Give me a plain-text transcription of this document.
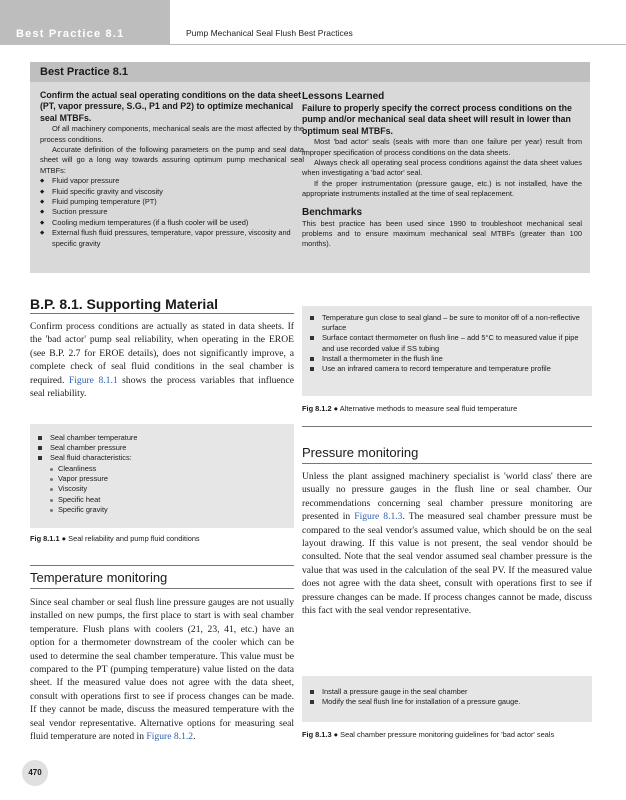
Best Practice 8.1	Pump Mechanical Seal Flush Best Practices
Best Practice 8.1

Confirm the actual seal operating conditions on the data sheet (PT, vapor pressure, S.G., P1 and P2) to optimize mechanical seal MTBFs.

Of all machinery components, mechanical seals are the most affected by the process conditions.

Accurate definition of the following parameters on the pump and seal data sheet will go a long way towards assuring optimum pump mechanical seal MTBFs:

◆ Fluid vapor pressure
◆ Fluid specific gravity and viscosity
◆ Fluid pumping temperature (PT)
◆ Suction pressure
◆ Cooling medium temperatures (if a flush cooler will be used)
◆ External flush fluid pressures, temperature, vapor pressure, viscosity and specific gravity

Lessons Learned

Failure to properly specify the correct process conditions on the pump and/or mechanical seal data sheet will result in lower than optimum seal MTBFs.

Most 'bad actor' seals (seals with more than one failure per year) result from improper specification of process conditions on the data sheets.

Always check all operating seal process conditions against the data sheet values when investigating a 'bad actor' seal.

If the proper instrumentation (pressure gauge, etc.) is not installed, have the appropriate instruments installed at the time of seal replacement.

Benchmarks

This best practice has been used since 1990 to troubleshoot mechanical seal problems and to ensure maximum mechanical seal MTBFs (greater than 100 months).

B.P. 8.1. Supporting Material

Confirm process conditions are actually as stated in data sheets. If the 'bad actor' pump seal reliability, when operating in the EROE (see B.P. 2.7 for EROE details), does not significantly improve, a complete check of seal fluid conditions in the seal chamber is required. Figure 8.1.1 shows the process variables that influence seal reliability.

Seal chamber temperature
Seal chamber pressure
Seal fluid characteristics:
Cleanliness
Vapor pressure
Viscosity
Specific heat
Specific gravity
Fig 8.1.1 ● Seal reliability and pump fluid conditions
Temperature monitoring

Since seal chamber or seal flush line pressure gauges are not usually installed on new pumps, the first place to start is with seal chamber temperature. Flush plans with coolers (21, 23, 41, etc.) have an option for a thermometer downstream of the cooler which can be used to determine the seal chamber temperature. This value must be compared to the PT (pumping temperature) value listed on the data sheet. If the measured value does not agree with the data sheet, consult with operations first to see if process changes can be made. If they cannot be made, discuss the measured temperature with the seal vendor representative. Alternative options for measuring seal fluid temperature are noted in Figure 8.1.2.

Temperature gun close to seal gland – be sure to monitor off of a non-reflective surface
Surface contact thermometer on flush line – add 5°C to measured value if pipe and use recorded value if SS tubing
Install a thermometer in the flush line
Use an infrared camera to record temperature and temperature profile
Fig 8.1.2 ● Alternative methods to measure seal fluid temperature
Pressure monitoring

Unless the plant assigned machinery specialist is 'world class' there are usually no pressure gauges in the flush line or seal chamber. Our recommendations concerning seal chamber pressure monitoring are presented in Figure 8.1.3. The measured seal chamber pressure must be compared to the seal vendor's assumed value, which should be on the seal layout drawing. If this value is not present, the seal vendor should be consulted. Note that the seal vendor assumed seal chamber pressure is the value that was used in the calculation of the seal PV. If the measured value does not agree with the data sheet, consult with operations first to see if pressure changes can be made. If process changes cannot be made, discuss this fact with the seal vendor representative.

Install a pressure gauge in the seal chamber
Modify the seal flush line for installation of a pressure gauge.
Fig 8.1.3 ● Seal chamber pressure monitoring guidelines for 'bad actor' seals
470
